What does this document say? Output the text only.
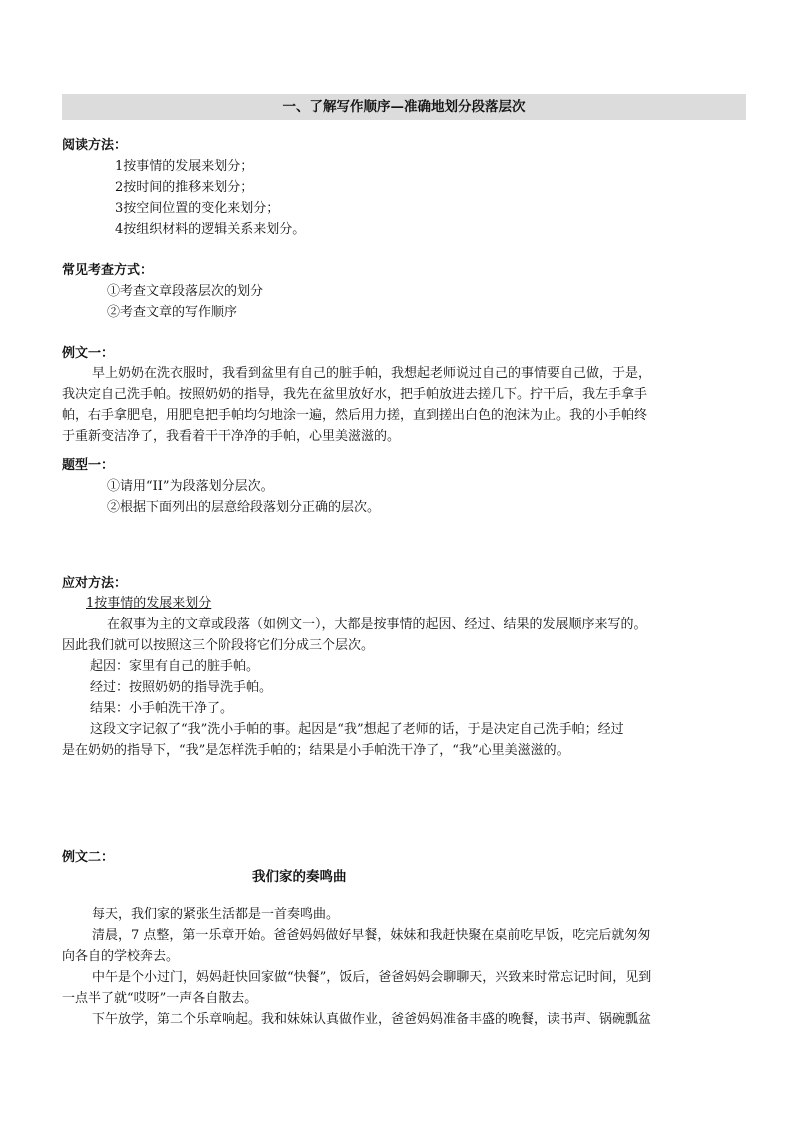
一、了解写作顺序—准确地划分段落层次
阅读方法：
1按事情的发展来划分；
2按时间的推移来划分；
3按空间位置的变化来划分；
4按组织材料的逻辑关系来划分。
常见考查方式：
①考查文章段落层次的划分
②考查文章的写作顺序
例文一：
早上奶奶在洗衣服时，我看到盆里有自己的脏手帕，我想起老师说过自己的事情要自己做，于是，
我决定自己洗手帕。按照奶奶的指导，我先在盆里放好水，把手帕放进去搓几下。拧干后，我左手拿手
帕，右手拿肥皂，用肥皂把手帕均匀地涂一遍，然后用力搓，直到搓出白色的泡沫为止。我的小手帕终
于重新变洁净了，我看着干干净净的手帕，心里美滋滋的。
题型一：
①请用“II”为段落划分层次。
②根据下面列出的层意给段落划分正确的层次。
应对方法：
1按事情的发展来划分
在叙事为主的文章或段落（如例文一），大都是按事情的起因、经过、结果的发展顺序来写的。
因此我们就可以按照这三个阶段将它们分成三个层次。
起因：家里有自己的脏手帕。
经过：按照奶奶的指导洗手帕。
结果：小手帕洗干净了。
这段文字记叙了“我”洗小手帕的事。起因是“我”想起了老师的话，于是决定自己洗手帕；经过
是在奶奶的指导下，“我”是怎样洗手帕的；结果是小手帕洗干净了，“我”心里美滋滋的。
例文二：
我们家的奏鸣曲
每天，我们家的紧张生活都是一首奏鸣曲。
清晨，7 点整，第一乐章开始。爸爸妈妈做好早餐，妹妹和我赶快聚在桌前吃早饭，吃完后就匆匆
向各自的学校奔去。
中午是个小过门，妈妈赶快回家做“快餐”，饭后，爸爸妈妈会聊聊天，兴致来时常忘记时间，见到
一点半了就“哎呀”一声各自散去。
下午放学，第二个乐章响起。我和妹妹认真做作业，爸爸妈妈准备丰盛的晚餐，读书声、锅碗瓢盆
